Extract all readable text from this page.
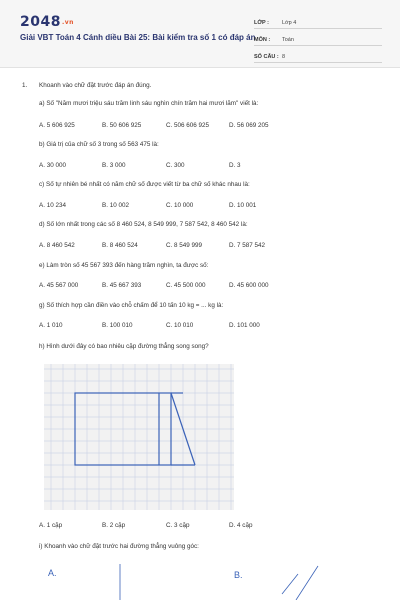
2048.vn
Giải VBT Toán 4 Cánh diều Bài 25: Bài kiểm tra số 1 có đáp án
LỚP :	Lớp 4
MÔN :	Toán
SỐ CÂU : 8
1. Khoanh vào chữ đặt trước đáp án đúng.
a) Số "Năm mươi triệu sáu trăm linh sáu nghìn chín trăm hai mươi lăm" viết là:
A. 5 606 925	B. 50 606 925	C. 506 606 925	D. 56 069 205
b) Giá trị của chữ số 3 trong số 563 475 là:
A. 30 000	B. 3 000	C. 300	D. 3
c) Số tự nhiên bé nhất có năm chữ số được viết từ ba chữ số khác nhau là:
A. 10 234	B. 10 002	C. 10 000	D. 10 001
d) Số lớn nhất trong các số 8 460 524, 8 549 999, 7 587 542, 8 460 542 là:
A. 8 460 542	B. 8 460 524	C. 8 549 999	D. 7 587 542
e) Làm tròn số 45 567 393 đến hàng trăm nghìn, ta được số:
A. 45 567 000	B. 45 667 393	C. 45 500 000	D. 45 600 000
g) Số thích hợp cần điền vào chỗ chấm để 10 tấn 10 kg = ... kg là:
A. 1 010	B. 100 010	C. 10 010	D. 101 000
h) Hình dưới đây có bao nhiêu cặp đường thẳng song song?
A. 1 cặp	B. 2 cặp	C. 3 cặp	D. 4 cặp
i) Khoanh vào chữ đặt trước hai đường thẳng vuông góc:
A.	B.
